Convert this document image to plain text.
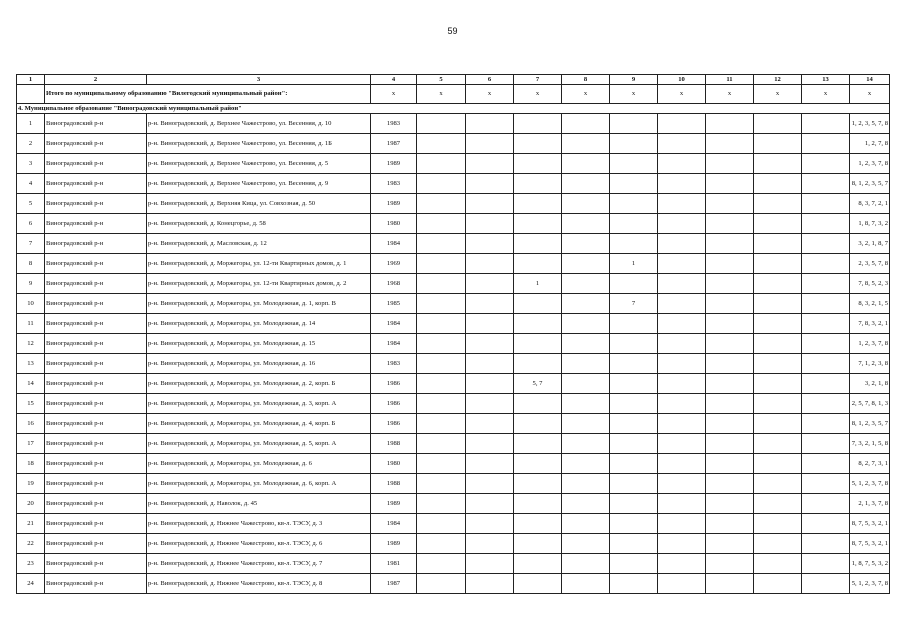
59
1	2	3	4	5	6	7	8	9	10	11	12	13	14
	Итого по муниципальному образованию "Вилегодский муниципальный район":		x	x	x	x	x	x	x	x	x	x	x
4. Муниципальное образование "Виноградовский муниципальный район"													
1	Виноградовский р-н	р-н. Виноградовский, д. Верхнее Чажестрово, ул. Весенняя, д. 10	1983										1, 2, 3, 5, 7, 8
2	Виноградовский р-н	р-н. Виноградовский, д. Верхнее Чажестрово, ул. Весенняя, д. 1Б	1987										1, 2, 7, 8
3	Виноградовский р-н	р-н. Виноградовский, д. Верхнее Чажестрово, ул. Весенняя, д. 5	1989										1, 2, 3, 7, 8
4	Виноградовский р-н	р-н. Виноградовский, д. Верхнее Чажестрово, ул. Весенняя, д. 9	1983										8, 1, 2, 3, 5, 7
5	Виноградовский р-н	р-н. Виноградовский, д. Верхняя Кица, ул. Совхозная, д. 50	1989										8, 3, 7, 2, 1
6	Виноградовский р-н	р-н. Виноградовский, д. Конецгорье, д. 58	1980										1, 8, 7, 3, 2
7	Виноградовский р-н	р-н. Виноградовский, д. Масловская, д. 12	1984										3, 2, 1, 8, 7
8	Виноградовский р-н	р-н. Виноградовский, д. Моржегоры, ул. 12-ти Квартирных домов, д. 1	1969					1					2, 3, 5, 7, 8
9	Виноградовский р-н	р-н. Виноградовский, д. Моржегоры, ул. 12-ти Квартирных домов, д. 2	1968			1							7, 8, 5, 2, 3
10	Виноградовский р-н	р-н. Виноградовский, д. Моржегоры, ул. Молодежная, д. 1, корп. В	1985					7					8, 3, 2, 1, 5
11	Виноградовский р-н	р-н. Виноградовский, д. Моржегоры, ул. Молодежная, д. 14	1984										7, 8, 3, 2, 1
12	Виноградовский р-н	р-н. Виноградовский, д. Моржегоры, ул. Молодежная, д. 15	1984										1, 2, 3, 7, 8
13	Виноградовский р-н	р-н. Виноградовский, д. Моржегоры, ул. Молодежная, д. 16	1983										7, 1, 2, 3, 8
14	Виноградовский р-н	р-н. Виноградовский, д. Моржегоры, ул. Молодежная, д. 2, корп. Б	1986			5, 7							3, 2, 1, 8
15	Виноградовский р-н	р-н. Виноградовский, д. Моржегоры, ул. Молодежная, д. 3, корп. А	1986										2, 5, 7, 8, 1, 3
16	Виноградовский р-н	р-н. Виноградовский, д. Моржегоры, ул. Молодежная, д. 4, корп. Б	1986										8, 1, 2, 3, 5, 7
17	Виноградовский р-н	р-н. Виноградовский, д. Моржегоры, ул. Молодежная, д. 5, корп. А	1988										7, 3, 2, 1, 5, 8
18	Виноградовский р-н	р-н. Виноградовский, д. Моржегоры, ул. Молодежная, д. 6	1980										8, 2, 7, 3, 1
19	Виноградовский р-н	р-н. Виноградовский, д. Моржегоры, ул. Молодежная, д. 6, корп. А	1988										5, 1, 2, 3, 7, 8
20	Виноградовский р-н	р-н. Виноградовский, д. Наволок, д. 45	1989										2, 1, 3, 7, 8
21	Виноградовский р-н	р-н. Виноградовский, д. Нижнее Чажестрово, кв-л. ТЭСУ, д. 3	1984										8, 7, 5, 3, 2, 1
22	Виноградовский р-н	р-н. Виноградовский, д. Нижнее Чажестрово, кв-л. ТЭСУ, д. 6	1989										8, 7, 5, 3, 2, 1
23	Виноградовский р-н	р-н. Виноградовский, д. Нижнее Чажестрово, кв-л. ТЭСУ, д. 7	1981										1, 8, 7, 5, 3, 2
24	Виноградовский р-н	р-н. Виноградовский, д. Нижнее Чажестрово, кв-л. ТЭСУ, д. 8	1987										5, 1, 2, 3, 7, 8
